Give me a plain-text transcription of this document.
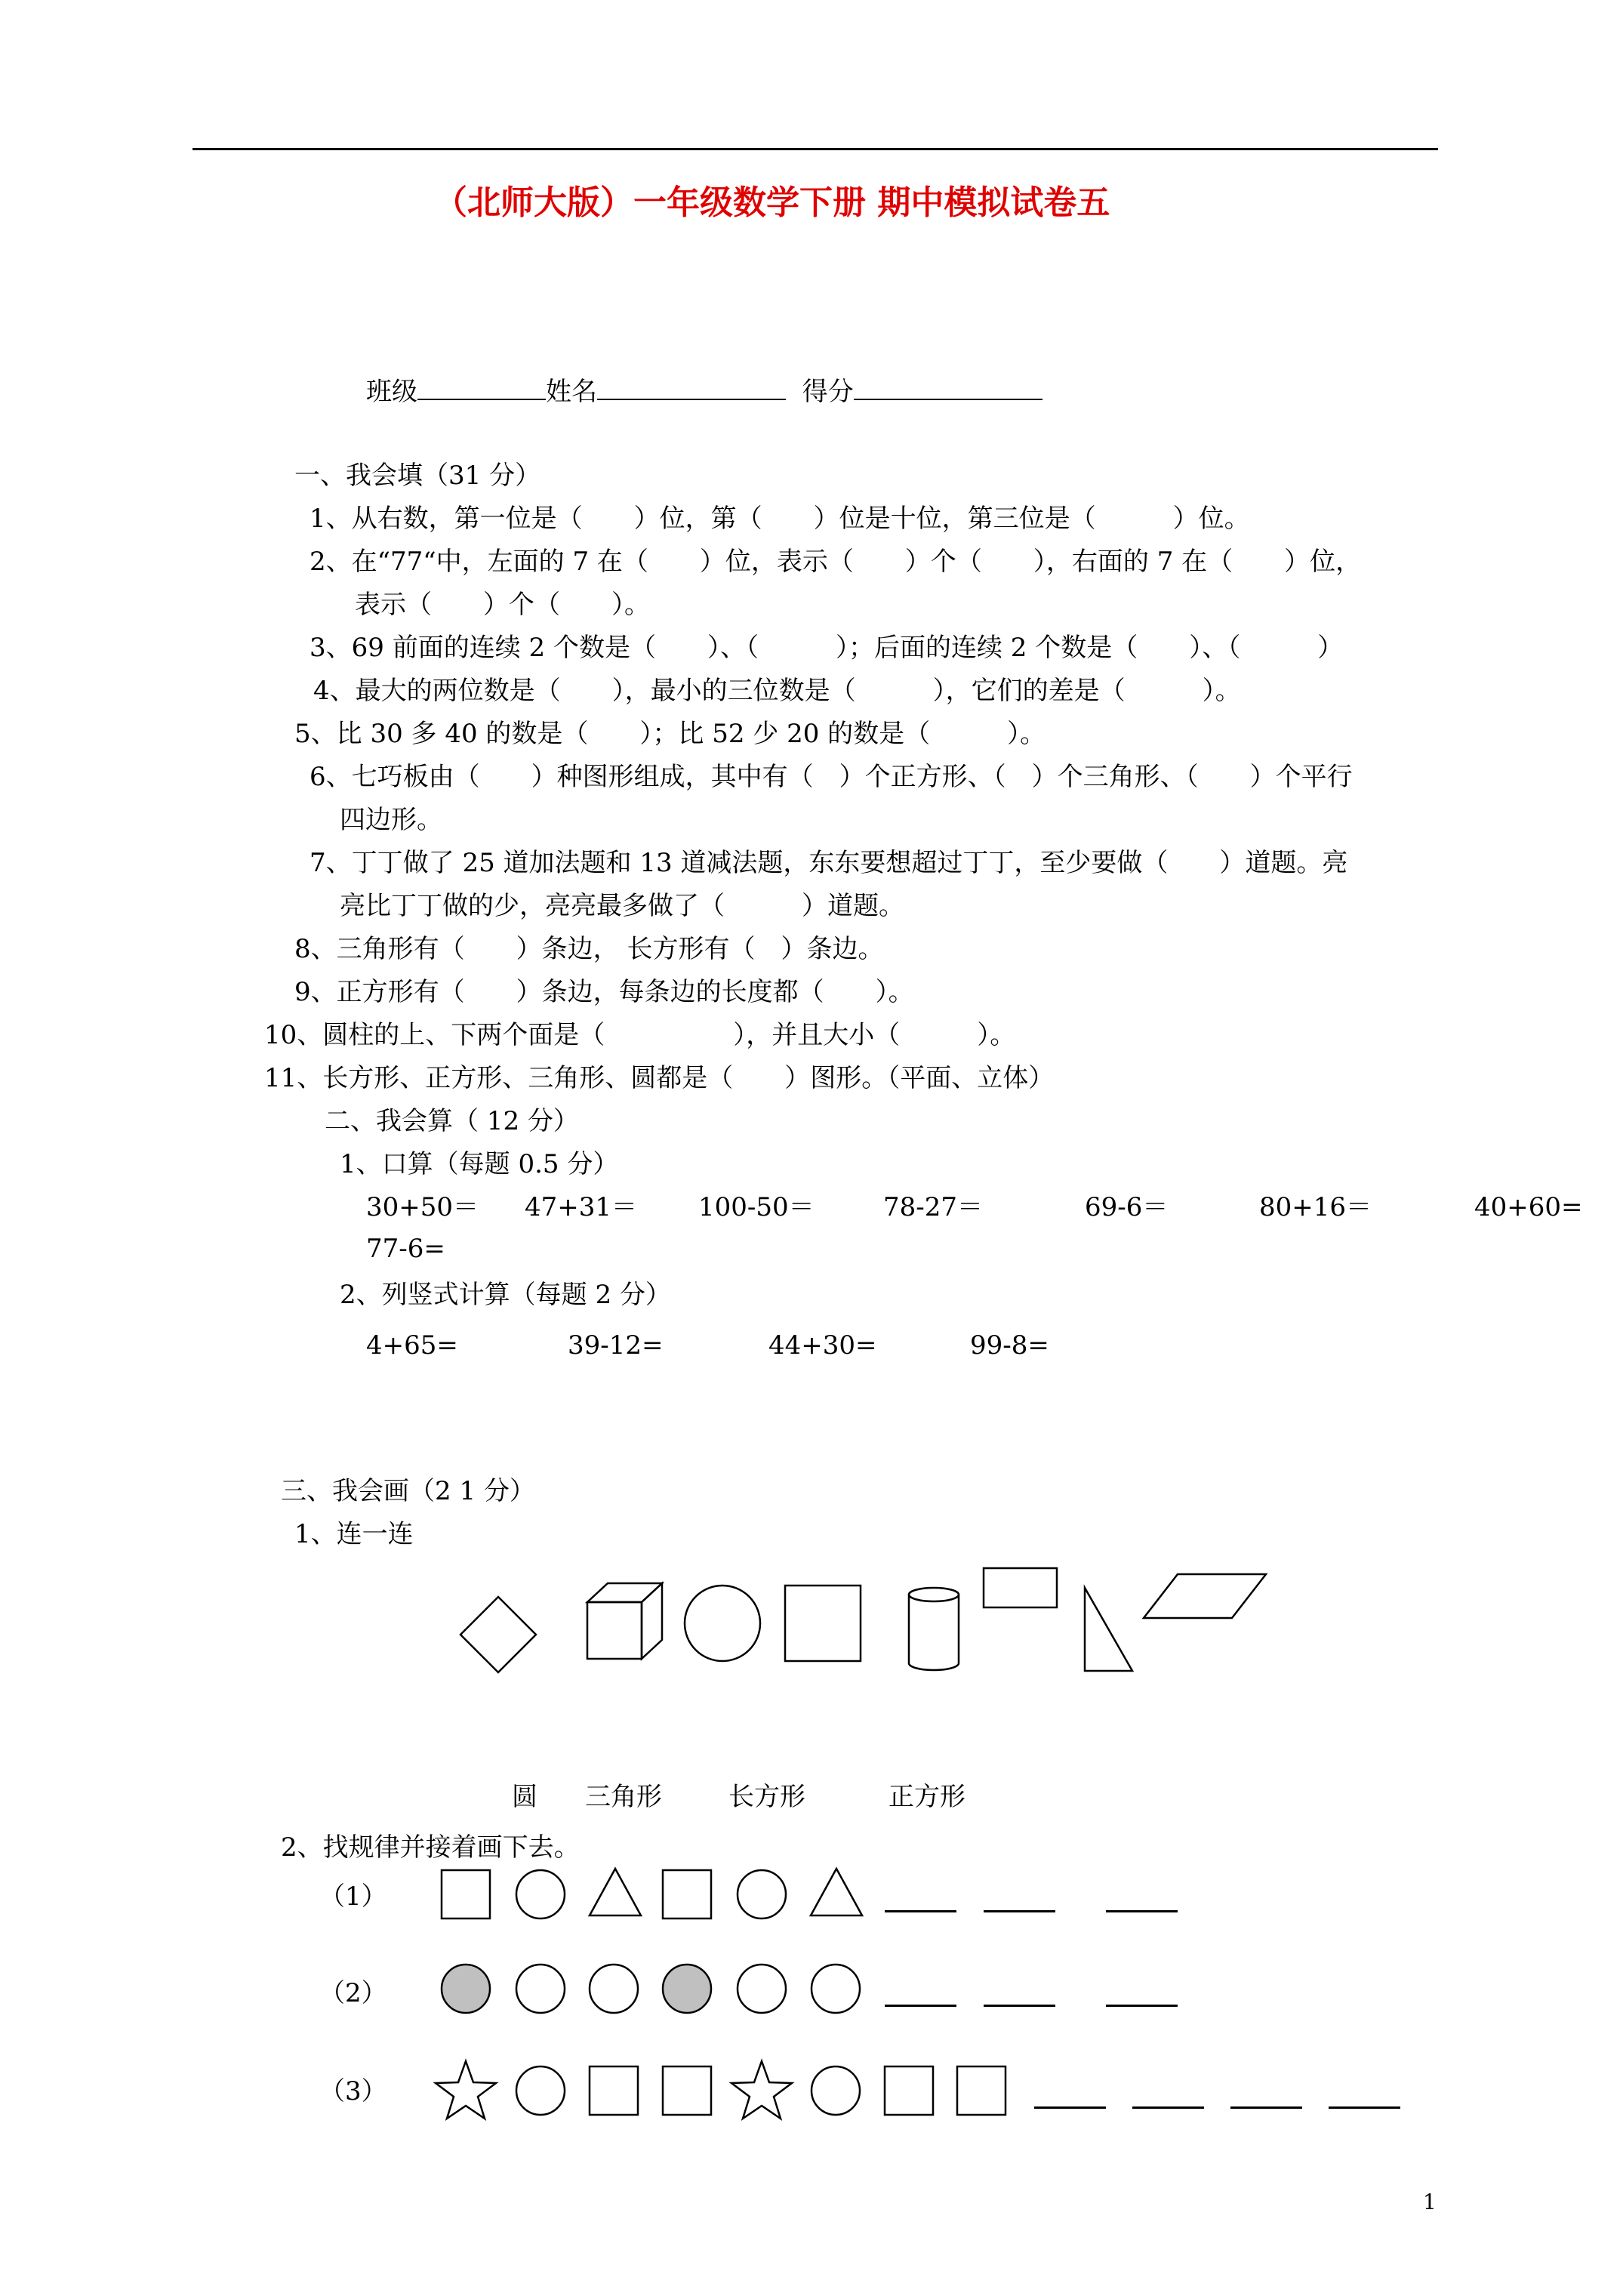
（北师大版）一年级数学下册 期中模拟试卷五
班级	姓名	得分
一、我会填（31 分）
1、从右数，第一位是（　　）位，第（　　）位是十位，第三位是（　　　）位。
2、在“77“中，左面的 7 在（　　）位，表示（　　）个（　　），右面的 7 在（　　）位，
表示（　　）个（　　）。
3、69 前面的连续 2 个数是（　　）、（　　　）；后面的连续 2 个数是（　　）、（　　　）
4、最大的两位数是（　　），最小的三位数是（　　　），它们的差是（　　　）。
5、比 30 多 40 的数是（　　）；比 52 少 20 的数是（　　　）。
6、七巧板由（　　）种图形组成，其中有（　）个正方形、（　）个三角形、（　　）个平行
四边形。
7、丁丁做了 25 道加法题和 13 道减法题，东东要想超过丁丁，至少要做（　　）道题。亮
亮比丁丁做的少，亮亮最多做了（　　　）道题。
8、三角形有（　　）条边， 长方形有（　）条边。
9、正方形有（　　）条边，每条边的长度都（　　）。
10、圆柱的上、下两个面是（　　　　　），并且大小（　　　）。
11、长方形、正方形、三角形、圆都是（　　）图形。（平面、立体）
二、我会算（ 12 分）
1、口算（每题 0.5 分）
30+50＝ 47+31＝ 100-50＝	78-27＝	69-6＝	80+16＝	40+60=
77-6=
2、列竖式计算（每题 2 分）
4+65=	39-12=	44+30=	99-8=
三、我会画（2 1 分）
1、连一连
圆 三角形	长方形	正方形
2、找规律并接着画下去。
（1）
（2）
（3）
1
